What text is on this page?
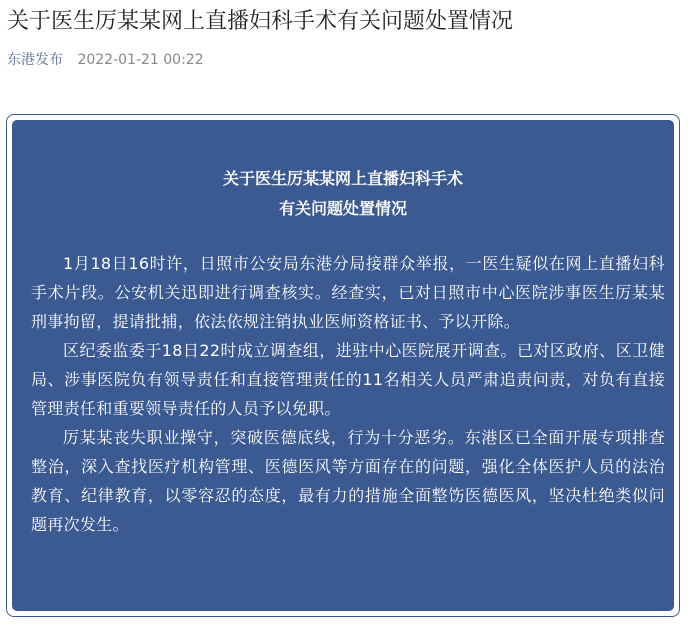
关于医生厉某某网上直播妇科手术有关问题处置情况
东港发布 2022-01-21 00:22
关于医生厉某某网上直播妇科手术
有关问题处置情况

1月18日16时许，日照市公安局东港分局接群众举报，一医生疑似在网上直播妇科手术片段。公安机关迅即进行调查核实。经查实，已对日照市中心医院涉事医生厉某某刑事拘留，提请批捕，依法依规注销执业医师资格证书、予以开除。

区纪委监委于18日22时成立调查组，进驻中心医院展开调查。已对区政府、区卫健局、涉事医院负有领导责任和直接管理责任的11名相关人员严肃追责问责，对负有直接管理责任和重要领导责任的人员予以免职。

厉某某丧失职业操守，突破医德底线，行为十分恶劣。东港区已全面开展专项排查整治，深入查找医疗机构管理、医德医风等方面存在的问题，强化全体医护人员的法治教育、纪律教育，以零容忍的态度，最有力的措施全面整饬医德医风，坚决杜绝类似问题再次发生。
